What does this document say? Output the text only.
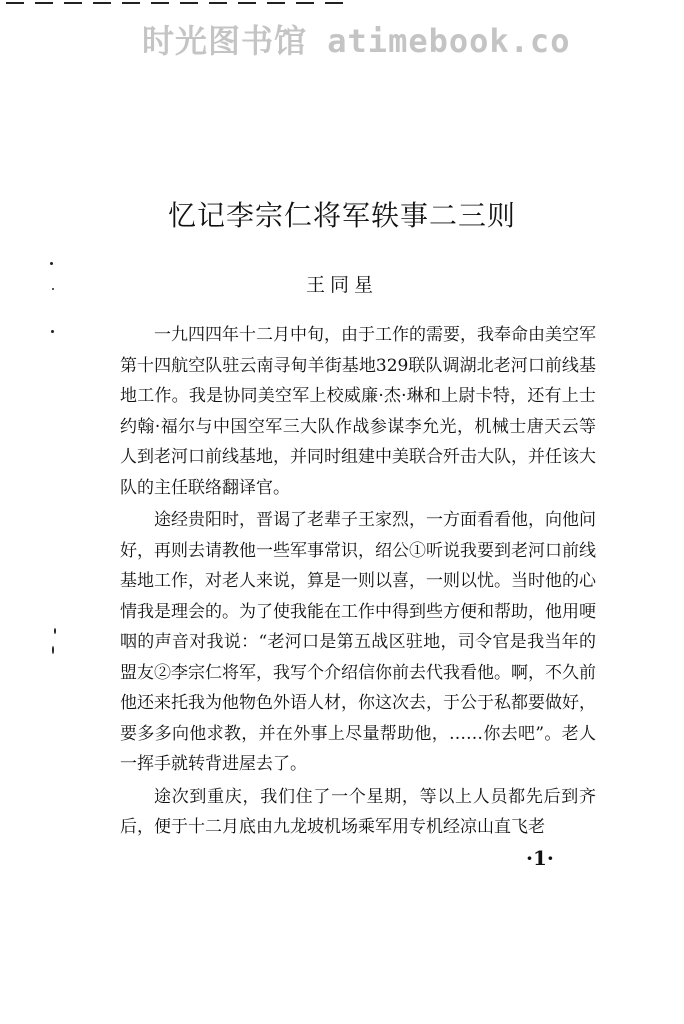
时光图书馆 atimebook.co
忆记李宗仁将军轶事二三则
王同星

一九四四年十二月中旬，由于工作的需要，我奉命由美空军第十四航空队驻云南寻甸羊街基地329联队调湖北老河口前线基地工作。我是协同美空军上校威廉·杰·琳和上尉卡特，还有上士约翰·福尔与中国空军三大队作战参谋李允光，机械士唐天云等人到老河口前线基地，并同时组建中美联合歼击大队，并任该大队的主任联络翻译官。

途经贵阳时，晋谒了老辈子王家烈，一方面看看他，向他问好，再则去请教他一些军事常识，绍公①听说我要到老河口前线基地工作，对老人来说，算是一则以喜，一则以忧。当时他的心情我是理会的。为了使我能在工作中得到些方便和帮助，他用哽咽的声音对我说：“老河口是第五战区驻地，司令官是我当年的盟友②李宗仁将军，我写个介绍信你前去代我看他。啊，不久前他还来托我为他物色外语人材，你这次去，于公于私都要做好，要多多向他求教，并在外事上尽量帮助他，……你去吧”。老人一挥手就转背进屋去了。

途次到重庆，我们住了一个星期，等以上人员都先后到齐后，便于十二月底由九龙坡机场乘军用专机经凉山直飞老

·1·
